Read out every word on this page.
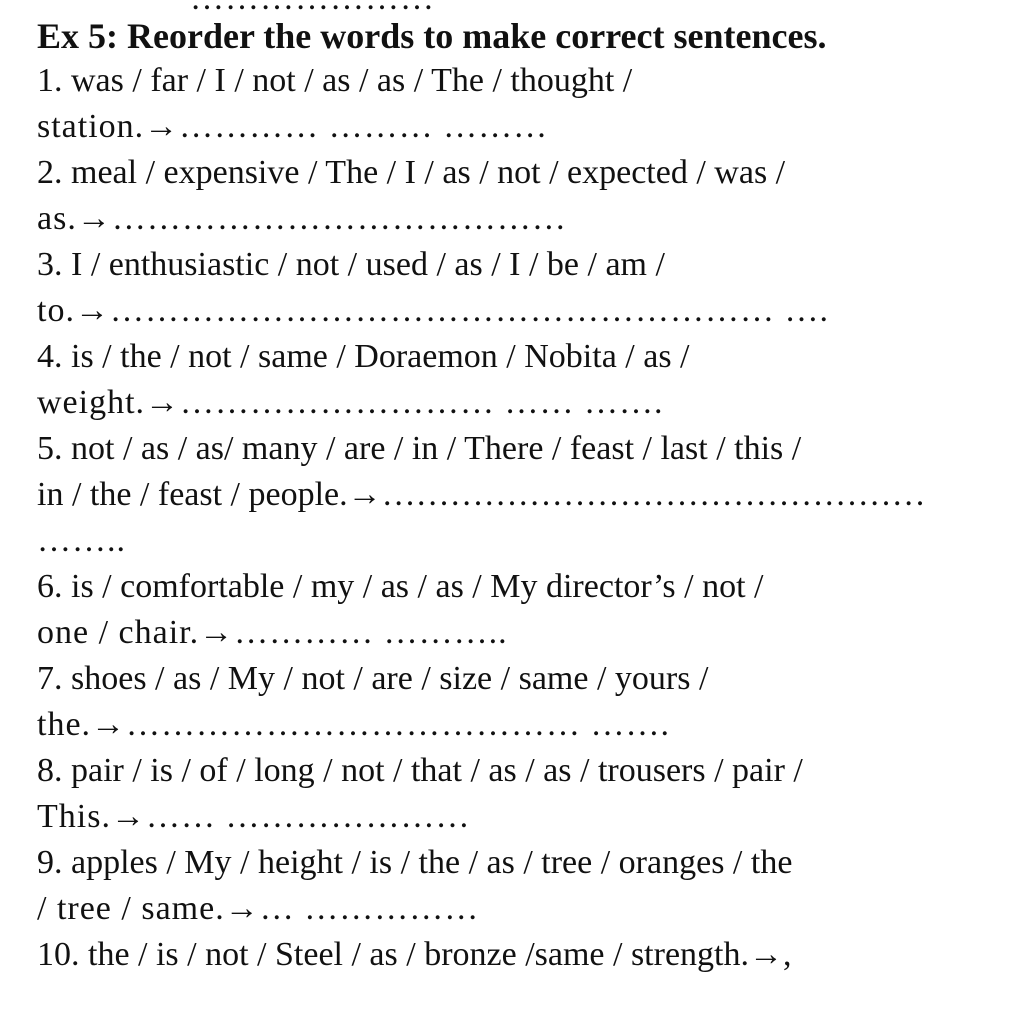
Ex 5: Reorder the words to make correct sentences.
1. was / far / I / not / as / as / The / thought /
station.→………… ……… ………
2. meal / expensive / The / I / as / not / expected / was /
as.→…………………………………
3. I / enthusiastic / not / used / as / I / be / am /
to.→………………………………………………… ….
4. is / the / not / same / Doraemon / Nobita / as /
weight.→……………………… …… …….
5. not / as / as/ many / are / in / There / feast / last / this /
in / the / feast / people.→…………………………………………
……..
6. is / comfortable / my / as / as / My director’s / not /
one / chair.→………… ………..
7. shoes / as / My / not / are / size / same / yours /
the.→………………………………… …….
8. pair / is / of / long / not / that / as / as / trousers / pair /
This.→…… …………………
9. apples / My / height / is / the / as / tree / oranges / the
/ tree / same.→… ……………
10. the / is / not / Steel / as / bronze /same / strength.→,
